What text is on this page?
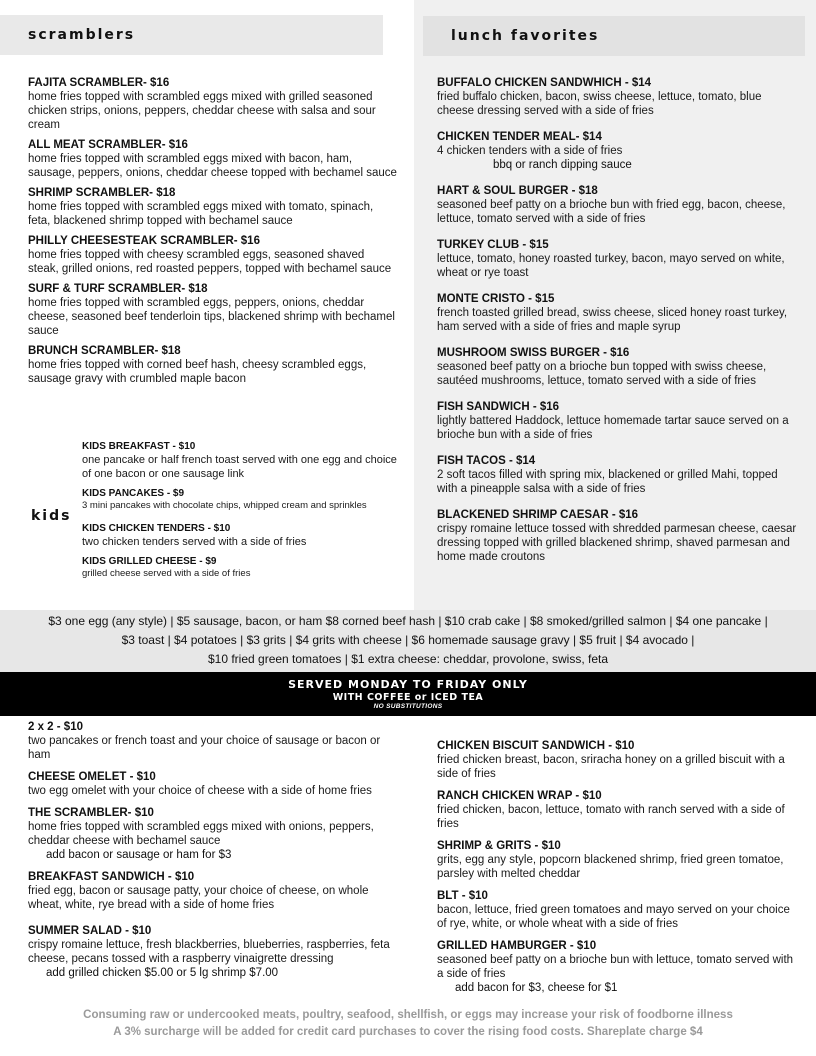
scramblers	lunch favorites
FAJITA SCRAMBLER- $16
home fries topped with scrambled eggs mixed with grilled seasoned chicken strips, onions, peppers, cheddar cheese with salsa and sour cream
ALL MEAT SCRAMBLER- $16
home fries topped with scrambled eggs mixed with bacon, ham, sausage, peppers, onions, cheddar cheese topped with bechamel sauce
SHRIMP SCRAMBLER- $18
home fries topped with scrambled eggs mixed with tomato, spinach, feta, blackened shrimp topped with bechamel sauce
PHILLY CHEESESTEAK SCRAMBLER- $16
home fries topped with cheesy scrambled eggs, seasoned shaved steak, grilled onions, red roasted peppers, topped with bechamel sauce
SURF & TURF SCRAMBLER- $18
home fries topped with scrambled eggs, peppers, onions, cheddar cheese, seasoned beef tenderloin tips, blackened shrimp with bechamel sauce
BRUNCH SCRAMBLER- $18
home fries topped with corned beef hash, cheesy scrambled eggs, sausage gravy with crumbled maple bacon
kids
KIDS BREAKFAST - $10
one pancake or half french toast served with one egg and choice of one bacon or one sausage link
KIDS PANCAKES - $9
3 mini pancakes with chocolate chips, whipped cream and sprinkles
KIDS CHICKEN TENDERS - $10
two chicken tenders served with a side of fries
KIDS GRILLED CHEESE - $9
grilled cheese served with a side of fries
BUFFALO CHICKEN SANDWHICH - $14
fried buffalo chicken, bacon, swiss cheese, lettuce, tomato, blue cheese dressing served with a side of fries
CHICKEN TENDER MEAL- $14
4 chicken tenders with a side of fries
bbq or ranch dipping sauce
HART & SOUL BURGER - $18
seasoned beef patty on a brioche bun with fried egg, bacon, cheese, lettuce, tomato served with a side of fries
TURKEY CLUB - $15
lettuce, tomato, honey roasted turkey, bacon, mayo served on white, wheat or rye toast
MONTE CRISTO - $15
french toasted grilled bread, swiss cheese, sliced honey roast turkey, ham served with a side of fries and maple syrup
MUSHROOM SWISS BURGER - $16
seasoned beef patty on a brioche bun topped with swiss cheese, sautéed mushrooms, lettuce, tomato served with a side of fries
FISH SANDWICH - $16
lightly battered Haddock, lettuce homemade tartar sauce served on a brioche bun with a side of fries
FISH TACOS - $14
2 soft tacos filled with spring mix, blackened or grilled Mahi, topped with a pineapple salsa with a side of fries
BLACKENED SHRIMP CAESAR - $16
crispy romaine lettuce tossed with shredded parmesan cheese, caesar dressing topped with grilled blackened shrimp, shaved parmesan and home made croutons
$3 one egg (any style) | $5 sausage, bacon, or ham $8 corned beef hash | $10 crab cake | $8 smoked/grilled salmon | $4 one pancake |
$3 toast | $4 potatoes | $3 grits | $4 grits with cheese | $6 homemade sausage gravy | $5 fruit | $4 avocado |
$10 fried green tomatoes | $1 extra cheese: cheddar, provolone, swiss, feta
SERVED MONDAY TO FRIDAY ONLY
WITH COFFEE or ICED TEA
NO SUBSTITUTIONS
2 x 2 - $10
two pancakes or french toast and your choice of sausage or bacon or ham
CHEESE OMELET - $10
two egg omelet with your choice of cheese with a side of home fries
THE SCRAMBLER- $10
home fries topped with scrambled eggs mixed with onions, peppers, cheddar cheese with bechamel sauce
add bacon or sausage or ham for $3
BREAKFAST SANDWICH - $10
fried egg, bacon or sausage patty, your choice of cheese, on whole wheat, white, rye bread with a side of home fries
SUMMER SALAD - $10
crispy romaine lettuce, fresh blackberries, blueberries, raspberries, feta cheese, pecans tossed with a raspberry vinaigrette dressing
add grilled chicken $5.00 or 5 lg shrimp $7.00
CHICKEN BISCUIT SANDWICH - $10
fried chicken breast, bacon, sriracha honey on a grilled biscuit with a side of fries
RANCH CHICKEN WRAP - $10
fried chicken, bacon, lettuce, tomato with ranch served with a side of fries
SHRIMP & GRITS - $10
grits, egg any style, popcorn blackened shrimp, fried green tomatoe, parsley with melted cheddar
BLT - $10
bacon, lettuce, fried green tomatoes and mayo served on your choice of rye, white, or whole wheat with a side of fries
GRILLED HAMBURGER - $10
seasoned beef patty on a brioche bun with lettuce, tomato served with a side of fries
add bacon for $3, cheese for $1
Consuming raw or undercooked meats, poultry, seafood, shellfish, or eggs may increase your risk of foodborne illness
A 3% surcharge will be added for credit card purchases to cover the rising food costs. Shareplate charge $4
